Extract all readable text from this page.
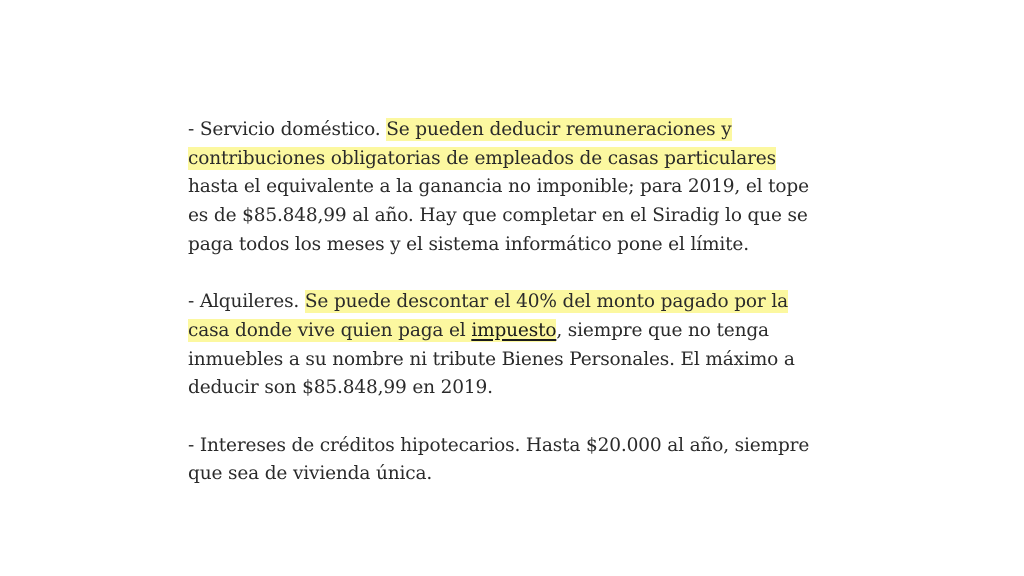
- Servicio doméstico. Se pueden deducir remuneraciones y
contribuciones obligatorias de empleados de casas particulares
hasta el equivalente a la ganancia no imponible; para 2019, el tope
es de $85.848,99 al año. Hay que completar en el Siradig lo que se
paga todos los meses y el sistema informático pone el límite.

- Alquileres. Se puede descontar el 40% del monto pagado por la
casa donde vive quien paga el impuesto, siempre que no tenga
inmuebles a su nombre ni tribute Bienes Personales. El máximo a
deducir son $85.848,99 en 2019.

- Intereses de créditos hipotecarios. Hasta $20.000 al año, siempre
que sea de vivienda única.
